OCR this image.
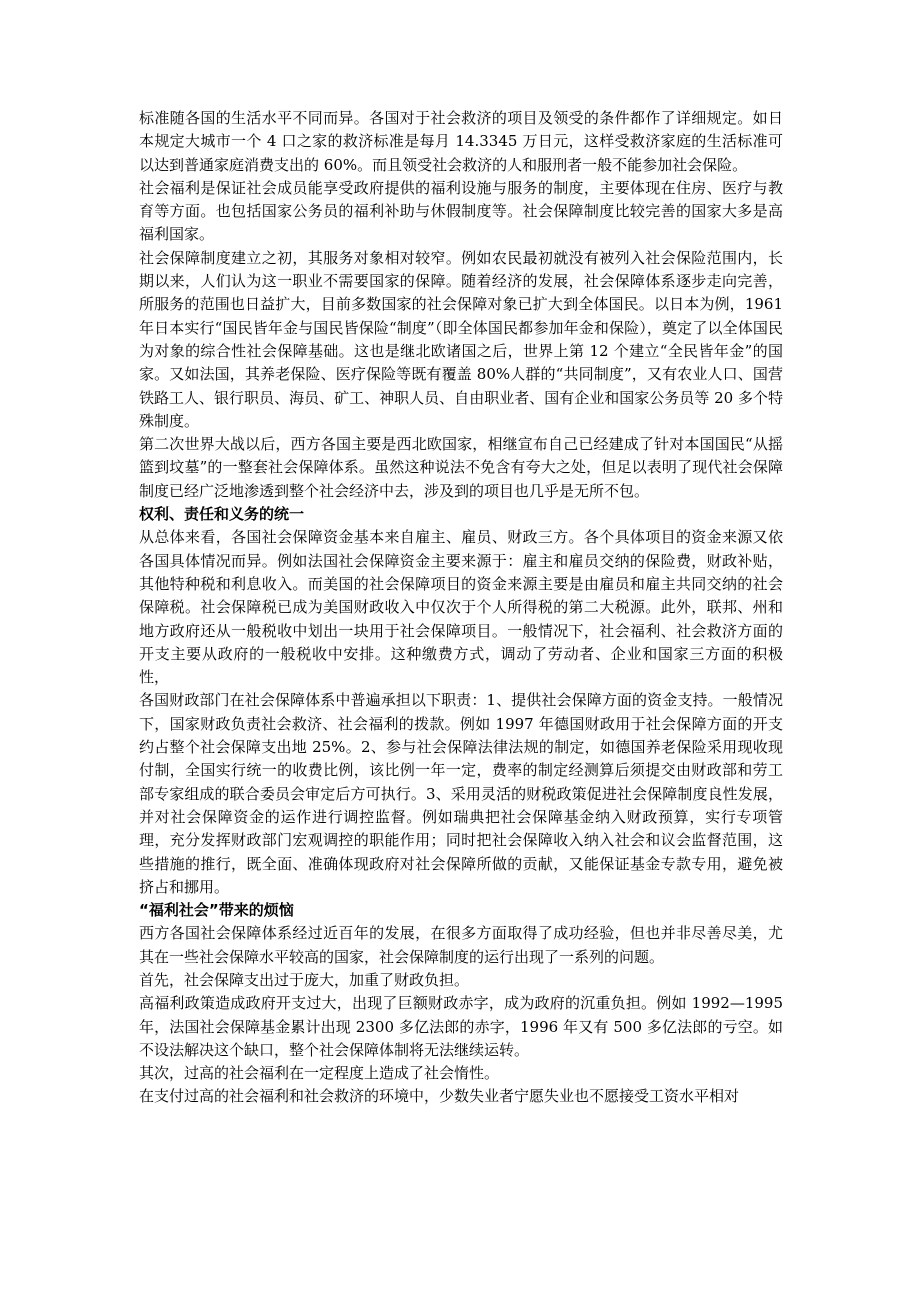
标准随各国的生活水平不同而异。各国对于社会救济的项目及领受的条件都作了详细规定。如日本规定大城市一个 4 口之家的救济标准是每月 14.3345 万日元，这样受救济家庭的生活标准可以达到普通家庭消费支出的 60%。而且领受社会救济的人和服刑者一般不能参加社会保险。

社会福利是保证社会成员能享受政府提供的福利设施与服务的制度，主要体现在住房、医疗与教育等方面。也包括国家公务员的福利补助与休假制度等。社会保障制度比较完善的国家大多是高福利国家。

社会保障制度建立之初，其服务对象相对较窄。例如农民最初就没有被列入社会保险范围内，长期以来，人们认为这一职业不需要国家的保障。随着经济的发展，社会保障体系逐步走向完善，所服务的范围也日益扩大，目前多数国家的社会保障对象已扩大到全体国民。以日本为例，1961 年日本实行“国民皆年金与国民皆保险“制度”（即全体国民都参加年金和保险），奠定了以全体国民为对象的综合性社会保障基础。这也是继北欧诸国之后，世界上第 12 个建立“全民皆年金”的国家。又如法国，其养老保险、医疗保险等既有覆盖 80%人群的“共同制度”，又有农业人口、国营铁路工人、银行职员、海员、矿工、神职人员、自由职业者、国有企业和国家公务员等 20 多个特殊制度。

第二次世界大战以后，西方各国主要是西北欧国家，相继宣布自己已经建成了针对本国国民“从摇篮到坟墓”的一整套社会保障体系。虽然这种说法不免含有夸大之处，但足以表明了现代社会保障制度已经广泛地渗透到整个社会经济中去，涉及到的项目也几乎是无所不包。

权利、责任和义务的统一

从总体来看，各国社会保障资金基本来自雇主、雇员、财政三方。各个具体项目的资金来源又依各国具体情况而异。例如法国社会保障资金主要来源于：雇主和雇员交纳的保险费，财政补贴，其他特种税和利息收入。而美国的社会保障项目的资金来源主要是由雇员和雇主共同交纳的社会保障税。社会保障税已成为美国财政收入中仅次于个人所得税的第二大税源。此外，联邦、州和地方政府还从一般税收中划出一块用于社会保障项目。一般情况下，社会福利、社会救济方面的开支主要从政府的一般税收中安排。这种缴费方式，调动了劳动者、企业和国家三方面的积极性，

各国财政部门在社会保障体系中普遍承担以下职责：1、提供社会保障方面的资金支持。一般情况下，国家财政负责社会救济、社会福利的拨款。例如 1997 年德国财政用于社会保障方面的开支约占整个社会保障支出地 25%。2、参与社会保障法律法规的制定，如德国养老保险采用现收现付制，全国实行统一的收费比例，该比例一年一定，费率的制定经测算后须提交由财政部和劳工部专家组成的联合委员会审定后方可执行。3、采用灵活的财税政策促进社会保障制度良性发展，并对社会保障资金的运作进行调控监督。例如瑞典把社会保障基金纳入财政预算，实行专项管理，充分发挥财政部门宏观调控的职能作用；同时把社会保障收入纳入社会和议会监督范围，这些措施的推行，既全面、准确体现政府对社会保障所做的贡献，又能保证基金专款专用，避免被挤占和挪用。

“福利社会”带来的烦恼

西方各国社会保障体系经过近百年的发展，在很多方面取得了成功经验，但也并非尽善尽美，尤其在一些社会保障水平较高的国家，社会保障制度的运行出现了一系列的问题。

首先，社会保障支出过于庞大，加重了财政负担。

高福利政策造成政府开支过大，出现了巨额财政赤字，成为政府的沉重负担。例如 1992—1995 年，法国社会保障基金累计出现 2300 多亿法郎的赤字，1996 年又有 500 多亿法郎的亏空。如不设法解决这个缺口，整个社会保障体制将无法继续运转。

其次，过高的社会福利在一定程度上造成了社会惰性。

在支付过高的社会福利和社会救济的环境中，少数失业者宁愿失业也不愿接受工资水平相对
